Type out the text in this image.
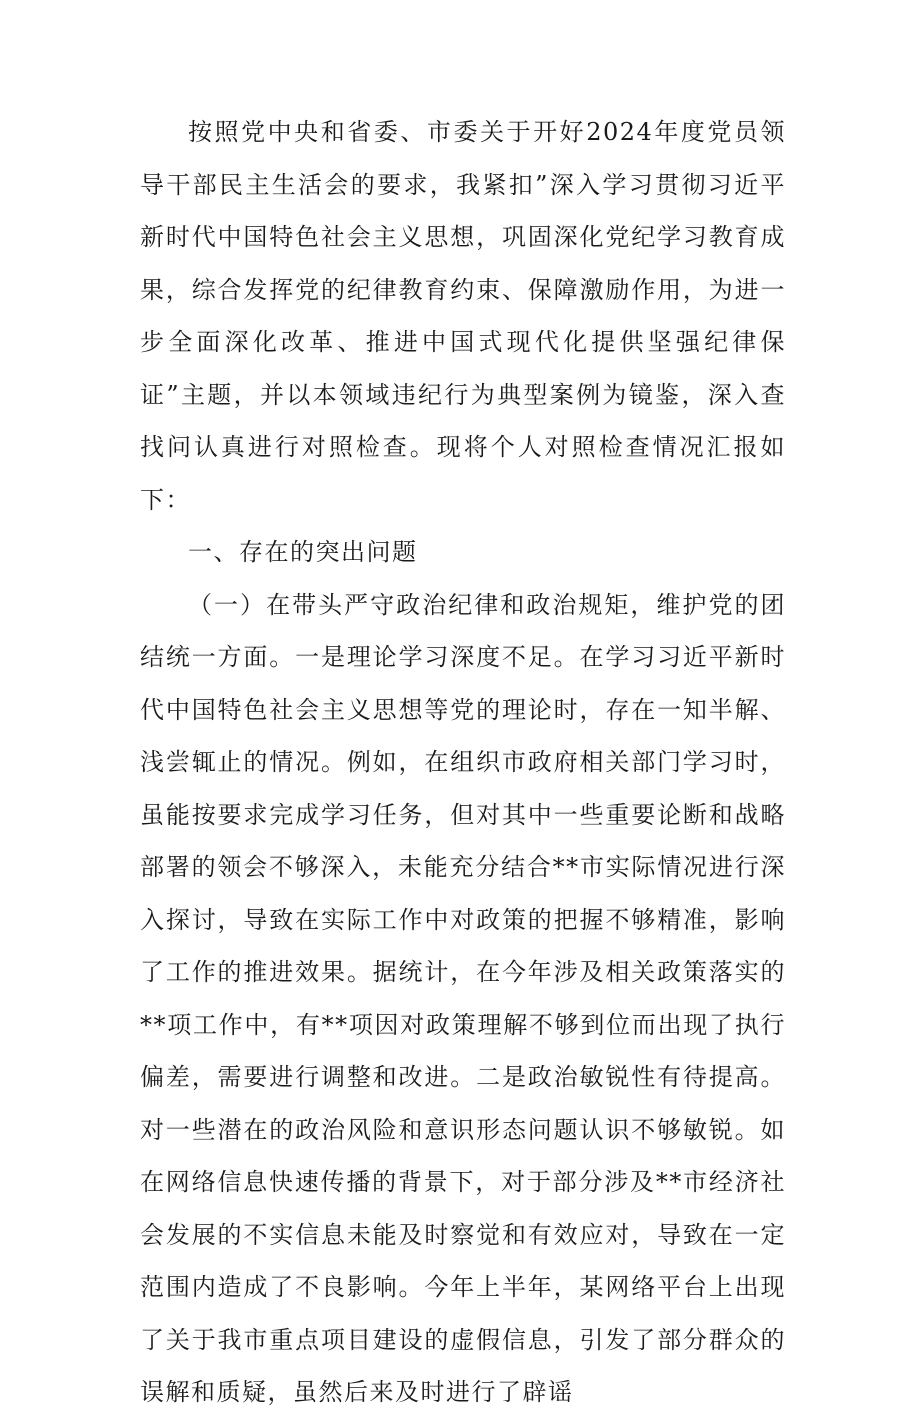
按照党中央和省委、市委关于开好2024年度党员领导干部民主生活会的要求，我紧扣”深入学习贯彻习近平新时代中国特色社会主义思想，巩固深化党纪学习教育成果，综合发挥党的纪律教育约束、保障激励作用，为进一步全面深化改革、推进中国式现代化提供坚强纪律保证”主题，并以本领域违纪行为典型案例为镜鉴，深入查找问认真进行对照检查。现将个人对照检查情况汇报如下：

一、存在的突出问题

（一）在带头严守政治纪律和政治规矩，维护党的团结统一方面。一是理论学习深度不足。在学习习近平新时代中国特色社会主义思想等党的理论时，存在一知半解、浅尝辄止的情况。例如，在组织市政府相关部门学习时，虽能按要求完成学习任务，但对其中一些重要论断和战略部署的领会不够深入，未能充分结合**市实际情况进行深入探讨，导致在实际工作中对政策的把握不够精准，影响了工作的推进效果。据统计，在今年涉及相关政策落实的**项工作中，有**项因对政策理解不够到位而出现了执行偏差，需要进行调整和改进。二是政治敏锐性有待提高。对一些潜在的政治风险和意识形态问题认识不够敏锐。如在网络信息快速传播的背景下，对于部分涉及**市经济社会发展的不实信息未能及时察觉和有效应对，导致在一定范围内造成了不良影响。今年上半年，某网络平台上出现了关于我市重点项目建设的虚假信息，引发了部分群众的误解和质疑，虽然后来及时进行了辟谣
